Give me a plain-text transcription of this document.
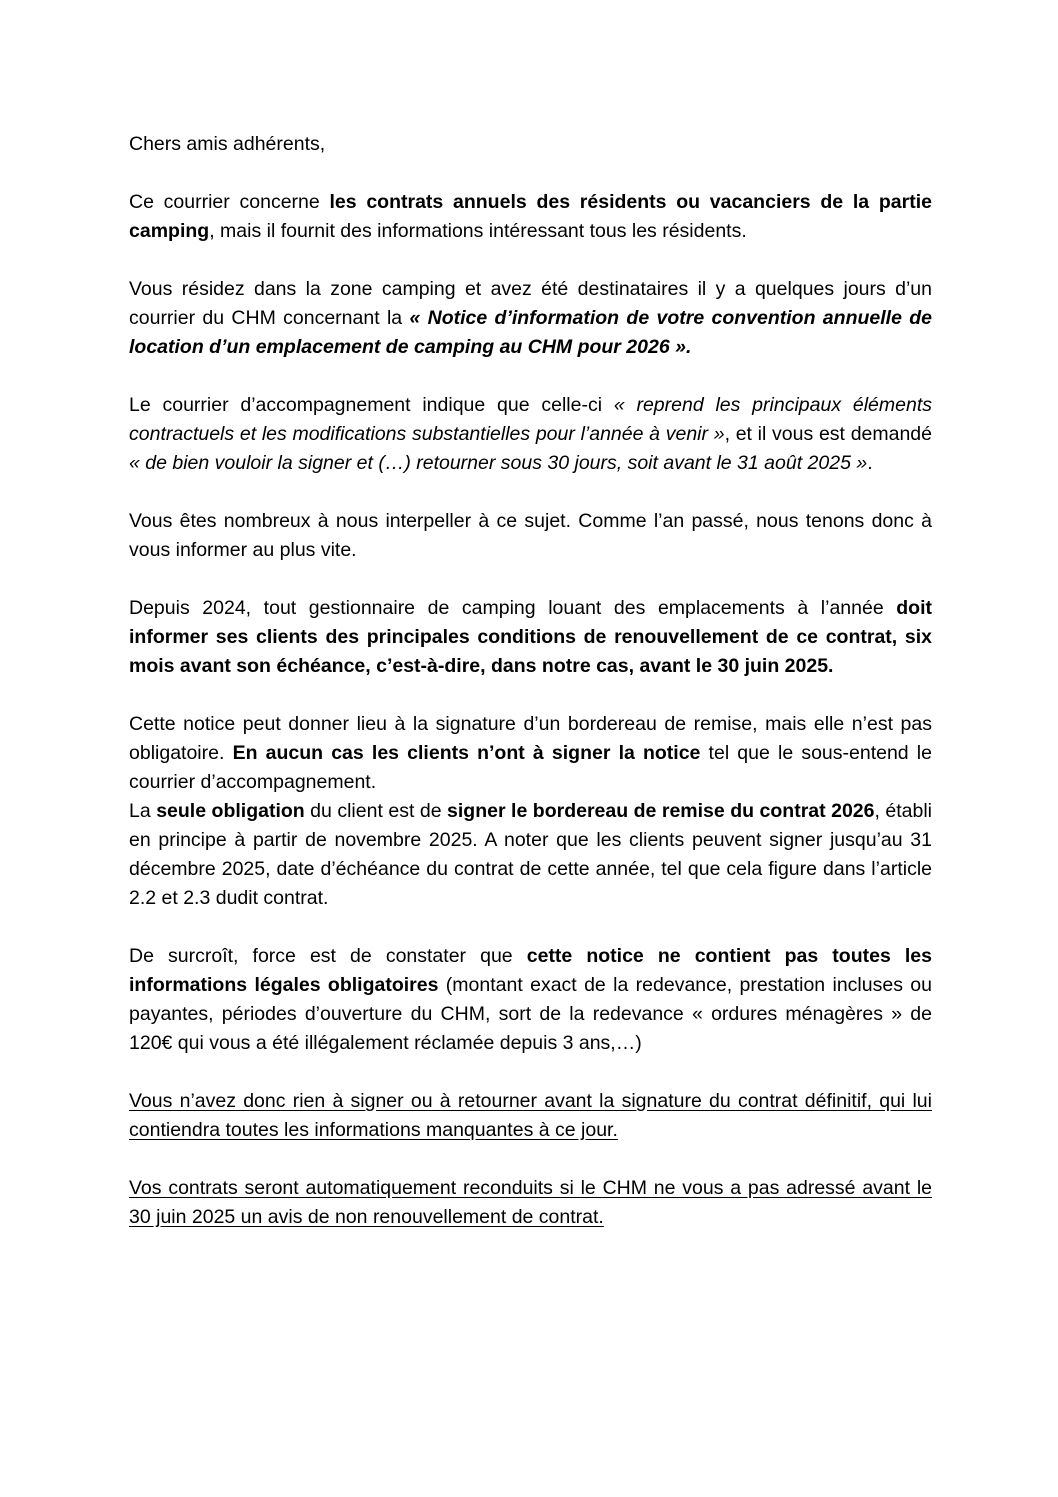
Chers amis adhérents,

Ce courrier concerne les contrats annuels des résidents ou vacanciers de la partie camping, mais il fournit des informations intéressant tous les résidents.

Vous résidez dans la zone camping et avez été destinataires il y a quelques jours d’un courrier du CHM concernant la « Notice d’information de votre convention annuelle de location d’un emplacement de camping au CHM pour 2026 ».

Le courrier d’accompagnement indique que celle-ci « reprend les principaux éléments contractuels et les modifications substantielles pour l’année à venir », et il vous est demandé « de bien vouloir la signer et (…) retourner sous 30 jours, soit avant le 31 août 2025 ».

Vous êtes nombreux à nous interpeller à ce sujet. Comme l’an passé, nous tenons donc à vous informer au plus vite.

Depuis 2024, tout gestionnaire de camping louant des emplacements à l’année doit informer ses clients des principales conditions de renouvellement de ce contrat, six mois avant son échéance, c’est-à-dire, dans notre cas, avant le 30 juin 2025.

Cette notice peut donner lieu à la signature d’un bordereau de remise, mais elle n’est pas obligatoire. En aucun cas les clients n’ont à signer la notice tel que le sous-entend le courrier d’accompagnement.

La seule obligation du client est de signer le bordereau de remise du contrat 2026, établi en principe à partir de novembre 2025. A noter que les clients peuvent signer jusqu’au 31 décembre 2025, date d’échéance du contrat de cette année, tel que cela figure dans l’article 2.2 et 2.3 dudit contrat.

De surcroît, force est de constater que cette notice ne contient pas toutes les informations légales obligatoires (montant exact de la redevance, prestation incluses ou payantes, périodes d’ouverture du CHM, sort de la redevance « ordures ménagères » de 120€ qui vous a été illégalement réclamée depuis 3 ans,…)

Vous n’avez donc rien à signer ou à retourner avant la signature du contrat définitif, qui lui contiendra toutes les informations manquantes à ce jour.

Vos contrats seront automatiquement reconduits si le CHM ne vous a pas adressé avant le 30 juin 2025 un avis de non renouvellement de contrat.
